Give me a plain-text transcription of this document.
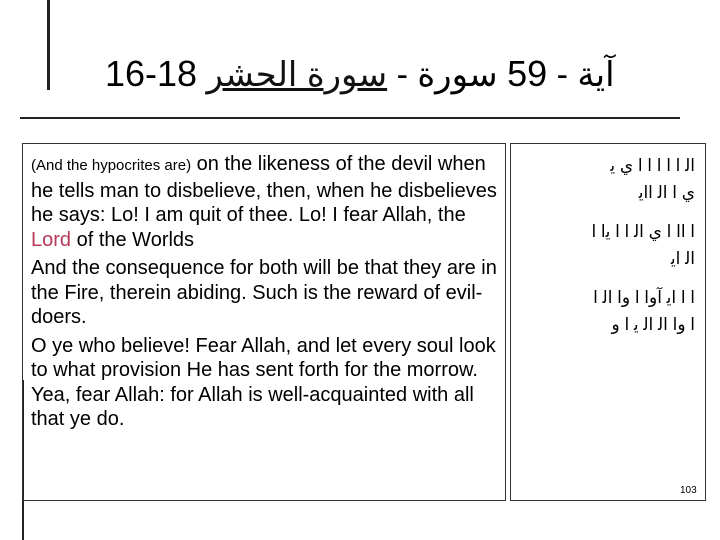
16-18	آية - 59 سورة - سورة الحشر

(And the hypocrites are) on the likeness of the devil when he tells man to disbelieve, then, when he disbelieves he says: Lo! I am quit of thee. Lo! I fear Allah, the Lord of the Worlds

And the consequence for both will be that they are in the Fire, therein abiding. Such is the reward of evil-doers.

O ye who believe! Fear Allah, and let every soul look to what provision He has sent forth for the morrow. Yea, fear Allah: for Allah is well-acquainted with all that ye do.

ﺍﻟ ﺍ ﺍ ﺍ ﺍ ﺍ ﻱ ﻳ
ﻱ ﺍ ﺍﻟ ﺍﺍﻳ
ﺍ ﺍﺍ ﺍ ﻱ ﺍﻟ ﺍ ﺍ ﻳﺍ ﺍ
ﺍﻟ ﺍﻳ
ﺍ ﺍ ﺍﻳ ﺁﻭﺍ ﺍ ﻭﺍ ﺍﻟ ﺍ
ﺍ ﻭﺍ ﺍﻟ ﺍﻟ ﻳ ﺍ ﻭ
103
